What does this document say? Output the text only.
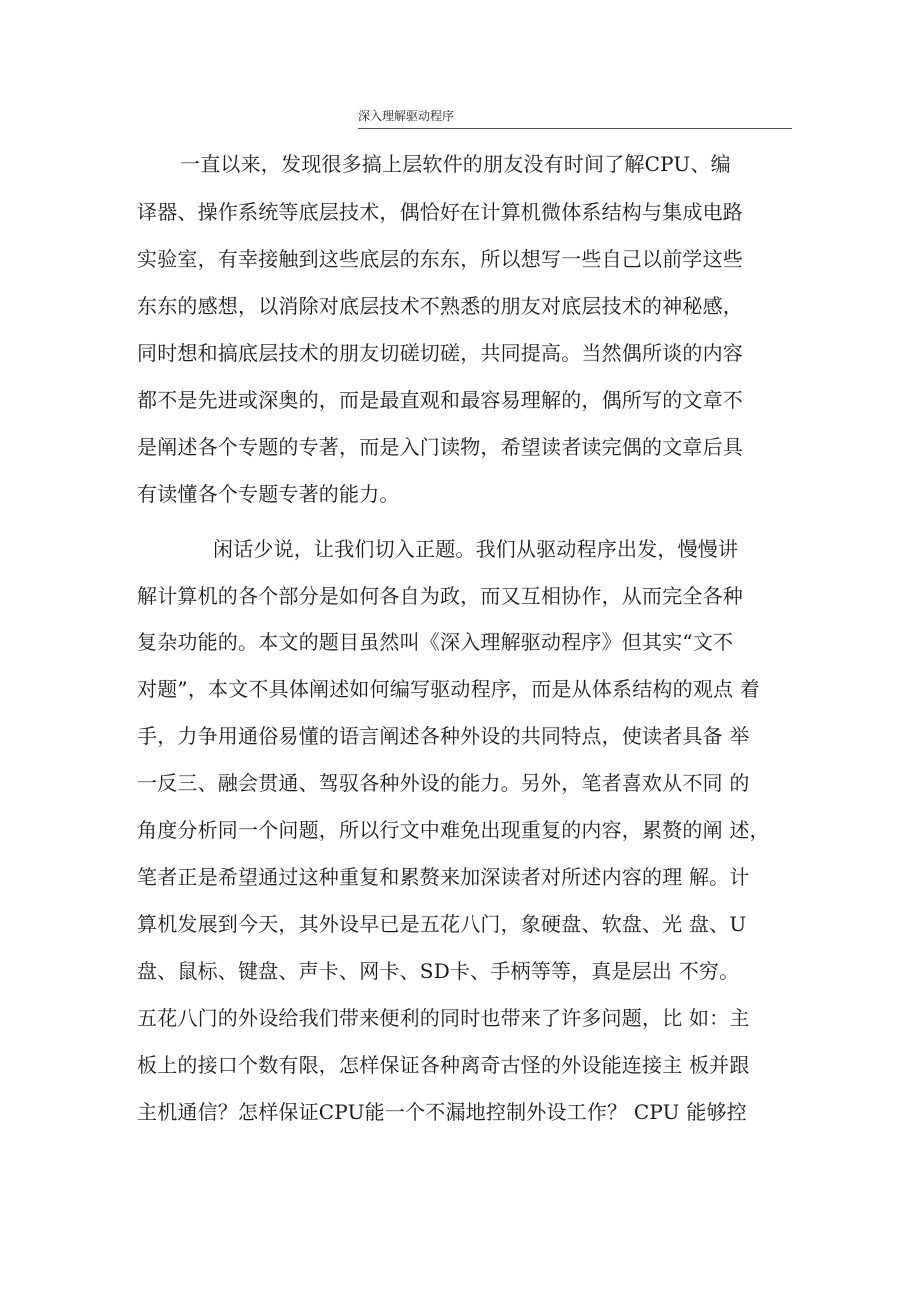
深入理解驱动程序
一直以来，发现很多搞上层软件的朋友没有时间了解CPU、编
译器、操作系统等底层技术，偶恰好在计算机微体系结构与集成电路
实验室，有幸接触到这些底层的东东，所以想写一些自己以前学这些
东东的感想，以消除对底层技术不熟悉的朋友对底层技术的神秘感，
同时想和搞底层技术的朋友切磋切磋，共同提高。当然偶所谈的内容
都不是先进或深奥的，而是最直观和最容易理解的，偶所写的文章不
是阐述各个专题的专著，而是入门读物，希望读者读完偶的文章后具
有读懂各个专题专著的能力。
闲话少说，让我们切入正题。我们从驱动程序出发，慢慢讲
解计算机的各个部分是如何各自为政，而又互相协作，从而完全各种
复杂功能的。本文的题目虽然叫《深入理解驱动程序》但其实“文不
对题”，本文不具体阐述如何编写驱动程序，而是从体系结构的观点 着
手，力争用通俗易懂的语言阐述各种外设的共同特点，使读者具备 举
一反三、融会贯通、驾驭各种外设的能力。另外，笔者喜欢从不同 的
角度分析同一个问题，所以行文中难免出现重复的内容，累赘的阐 述，
笔者正是希望通过这种重复和累赘来加深读者对所述内容的理 解。计
算机发展到今天，其外设早已是五花八门，象硬盘、软盘、光 盘、U
盘、鼠标、键盘、声卡、网卡、SD卡、手柄等等，真是层出 不穷。
五花八门的外设给我们带来便利的同时也带来了许多问题，比 如：主
板上的接口个数有限，怎样保证各种离奇古怪的外设能连接主 板并跟
主机通信？怎样保证CPU能一个不漏地控制外设工作？ CPU 能够控
